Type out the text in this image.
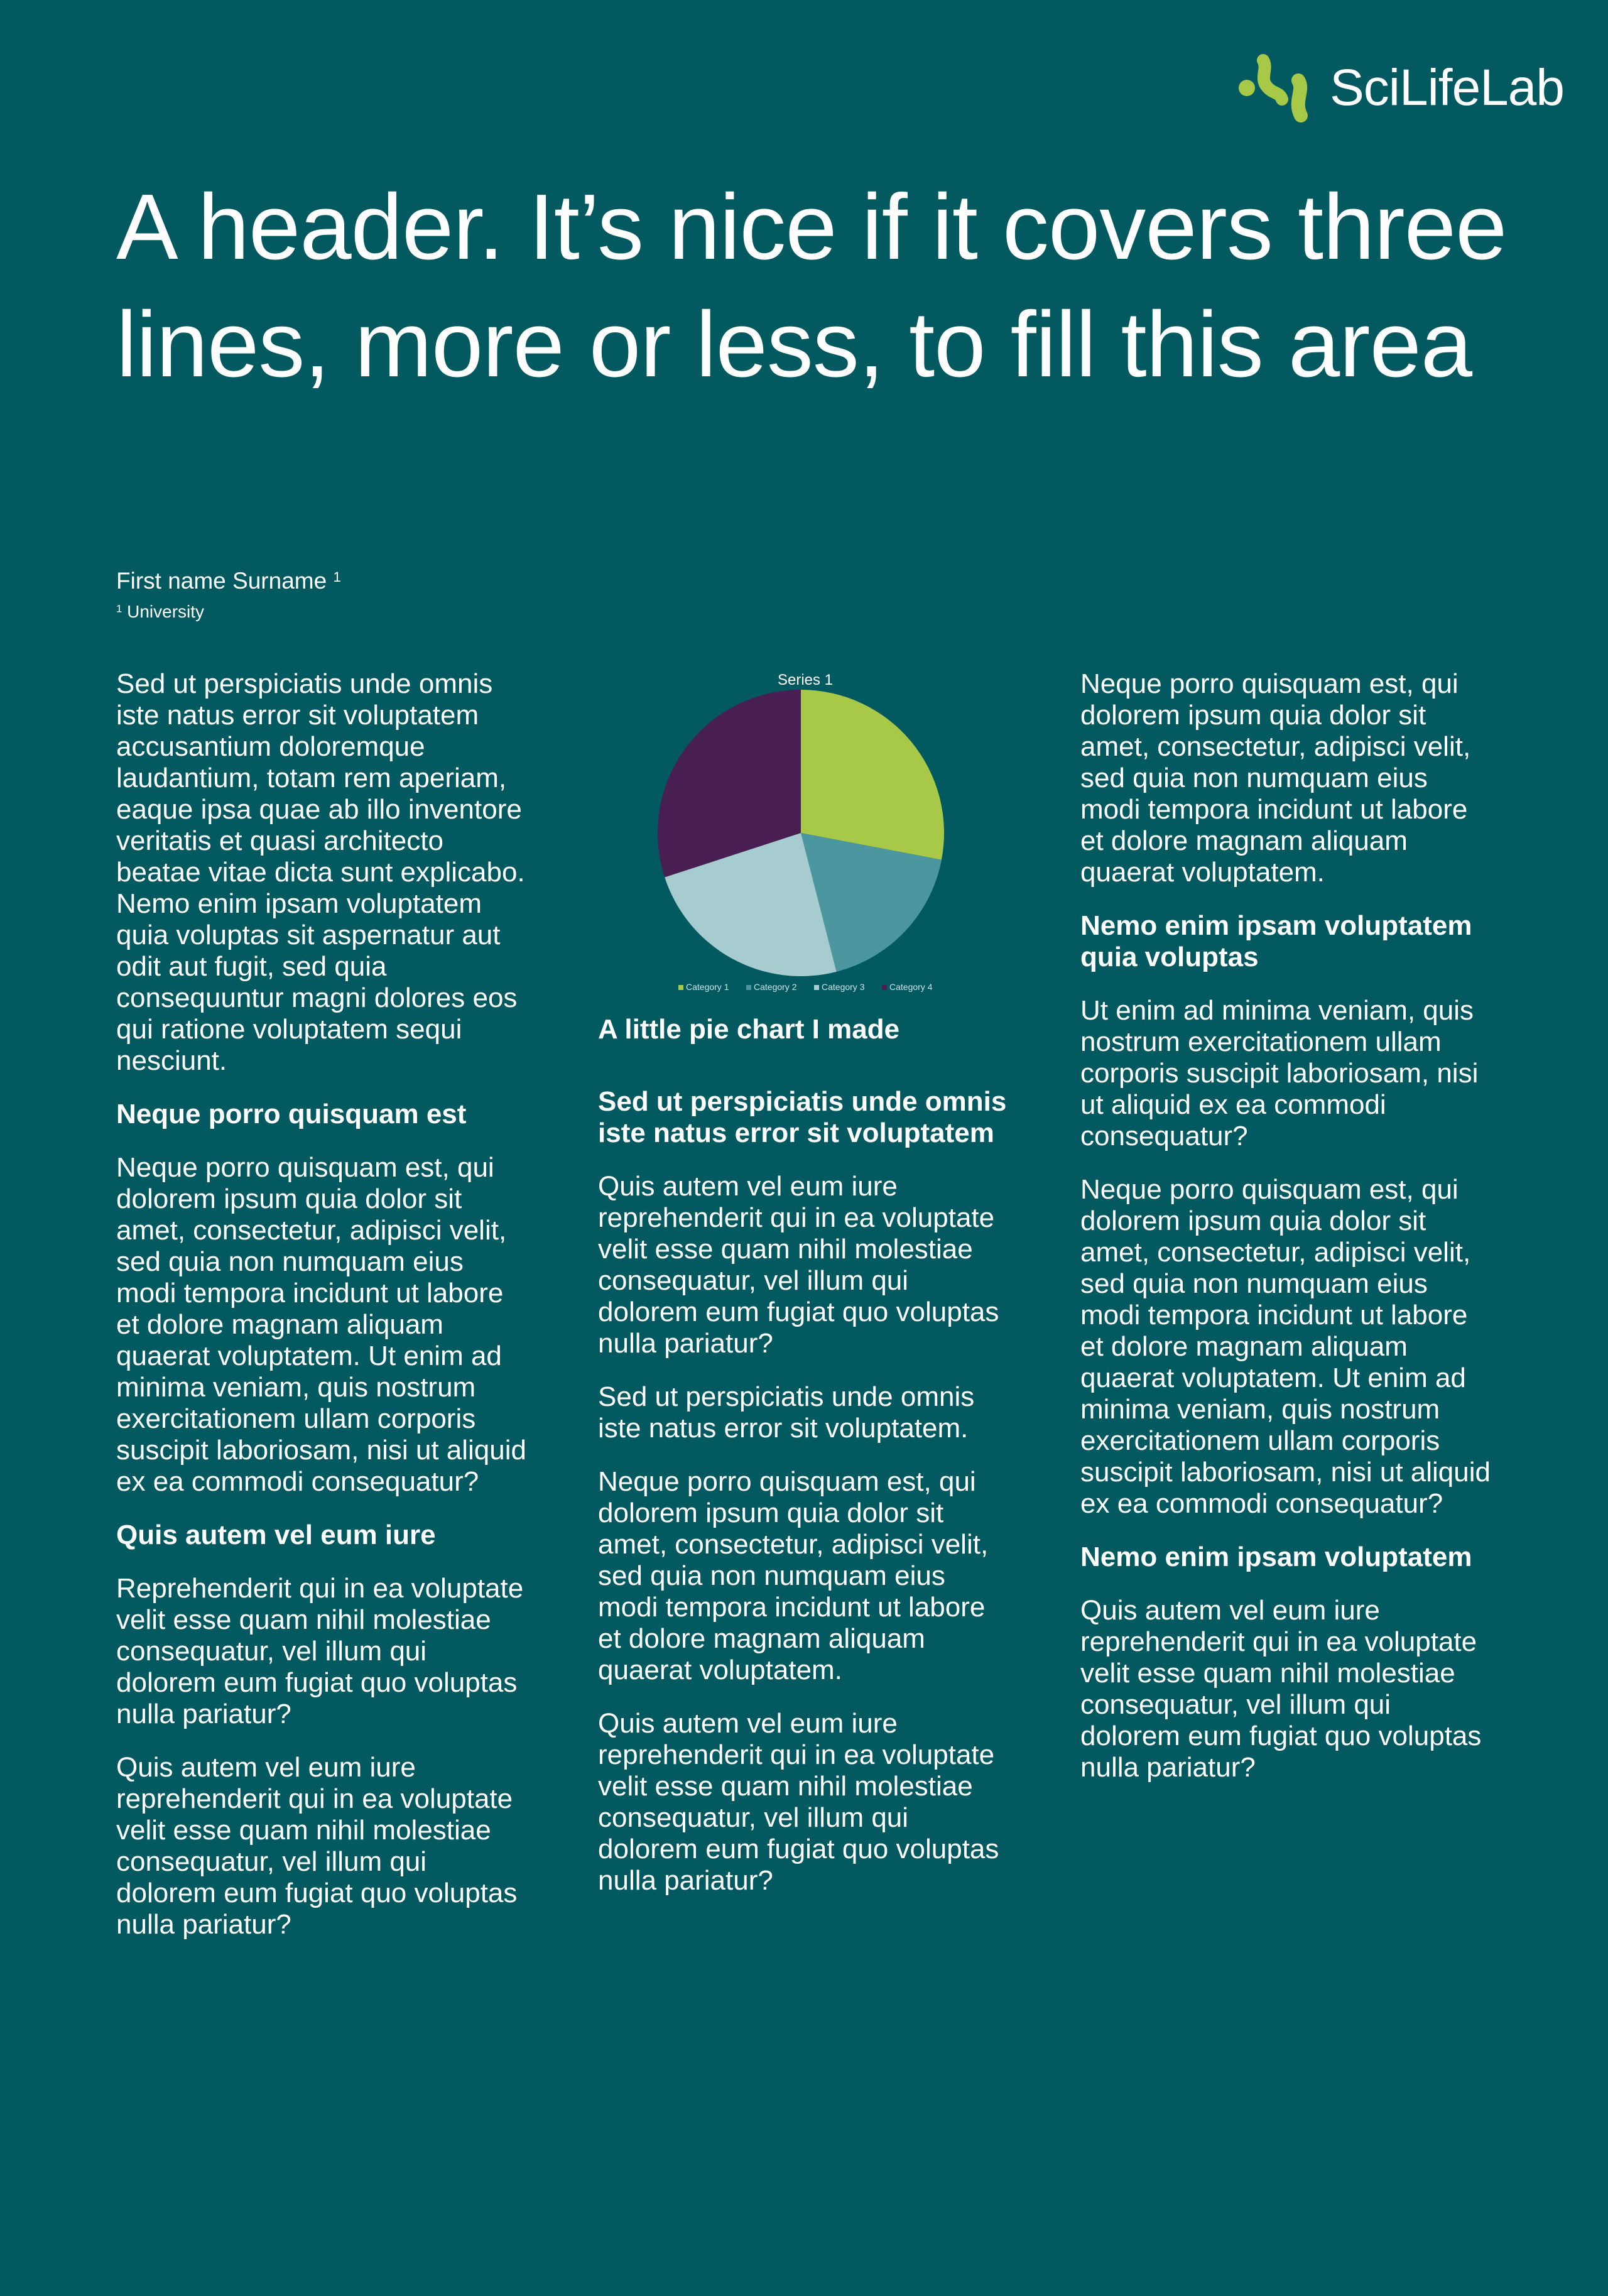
SciLifeLab
A header. It’s nice if it covers three lines, more or less, to fill this area

First name Surname $^1$

$^1$ University

Sed ut perspiciatis unde omnis iste natus error sit voluptatem accusantium doloremque laudantium, totam rem aperiam, eaque ipsa quae ab illo inventore veritatis et quasi architecto beatae vitae dicta sunt explicabo. Nemo enim ipsam voluptatem quia voluptas sit aspernatur aut odit aut fugit, sed quia consequuntur magni dolores eos qui ratione voluptatem sequi nesciunt.

Neque porro quisquam est

Neque porro quisquam est, qui dolorem ipsum quia dolor sit amet, consectetur, adipisci velit, sed quia non numquam eius modi tempora incidunt ut labore et dolore magnam aliquam quaerat voluptatem. Ut enim ad minima veniam, quis nostrum exercitationem ullam corporis suscipit laboriosam, nisi ut aliquid ex ea commodi consequatur?

Quis autem vel eum iure

Reprehenderit qui in ea voluptate velit esse quam nihil molestiae consequatur, vel illum qui dolorem eum fugiat quo voluptas nulla pariatur?

Quis autem vel eum iure reprehenderit qui in ea voluptate velit esse quam nihil molestiae consequatur, vel illum qui dolorem eum fugiat quo voluptas nulla pariatur?

Series 1
Category 1	Category 2	Category 3	Category 4

A little pie chart I made

Sed ut perspiciatis unde omnis iste natus error sit voluptatem

Quis autem vel eum iure reprehenderit qui in ea voluptate velit esse quam nihil molestiae consequatur, vel illum qui dolorem eum fugiat quo voluptas nulla pariatur?

Sed ut perspiciatis unde omnis iste natus error sit voluptatem.

Neque porro quisquam est, qui dolorem ipsum quia dolor sit amet, consectetur, adipisci velit, sed quia non numquam eius modi tempora incidunt ut labore et dolore magnam aliquam quaerat voluptatem.

Quis autem vel eum iure reprehenderit qui in ea voluptate velit esse quam nihil molestiae consequatur, vel illum qui dolorem eum fugiat quo voluptas nulla pariatur?

Neque porro quisquam est, qui dolorem ipsum quia dolor sit amet, consectetur, adipisci velit, sed quia non numquam eius modi tempora incidunt ut labore et dolore magnam aliquam quaerat voluptatem.

Nemo enim ipsam voluptatem quia voluptas

Ut enim ad minima veniam, quis nostrum exercitationem ullam corporis suscipit laboriosam, nisi ut aliquid ex ea commodi consequatur?

Neque porro quisquam est, qui dolorem ipsum quia dolor sit amet, consectetur, adipisci velit, sed quia non numquam eius modi tempora incidunt ut labore et dolore magnam aliquam quaerat voluptatem. Ut enim ad minima veniam, quis nostrum exercitationem ullam corporis suscipit laboriosam, nisi ut aliquid ex ea commodi consequatur?

Nemo enim ipsam voluptatem

Quis autem vel eum iure reprehenderit qui in ea voluptate velit esse quam nihil molestiae consequatur, vel illum qui dolorem eum fugiat quo voluptas nulla pariatur?
